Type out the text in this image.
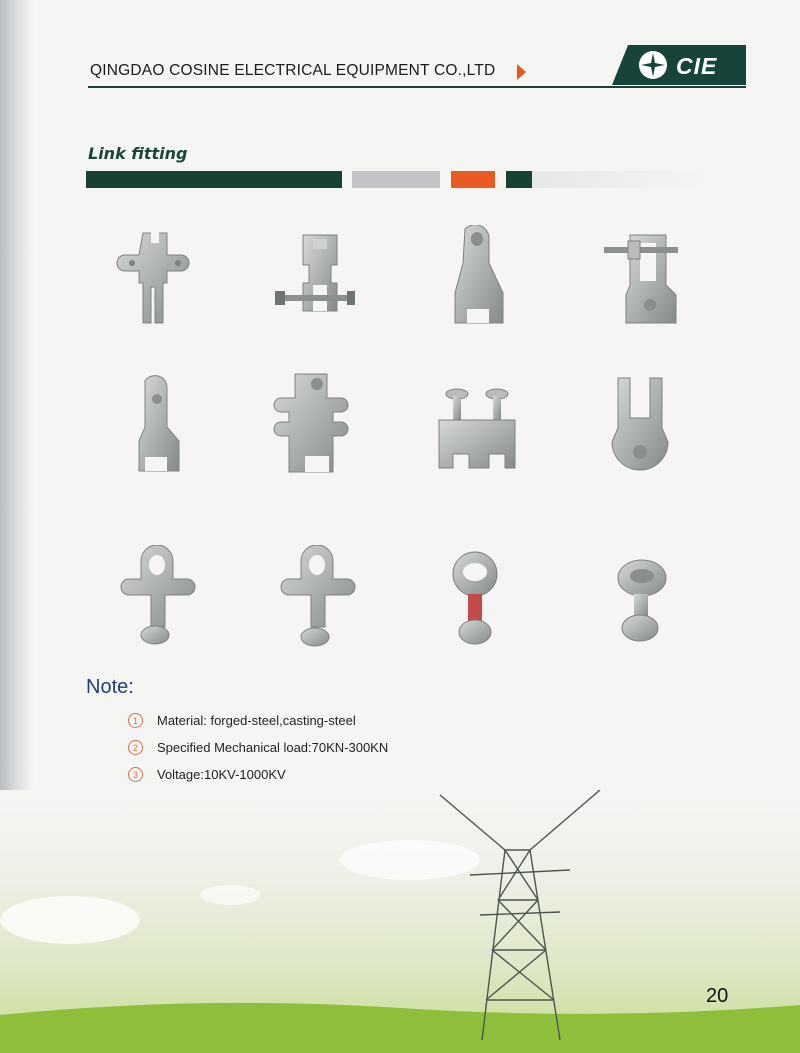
QINGDAO COSINE ELECTRICAL EQUIPMENT CO.,LTD	CIE
Link fitting
Note:
1	Material: forged-steel,casting-steel
2	Specified Mechanical load:70KN-300KN
3	Voltage:10KV-1000KV
20
